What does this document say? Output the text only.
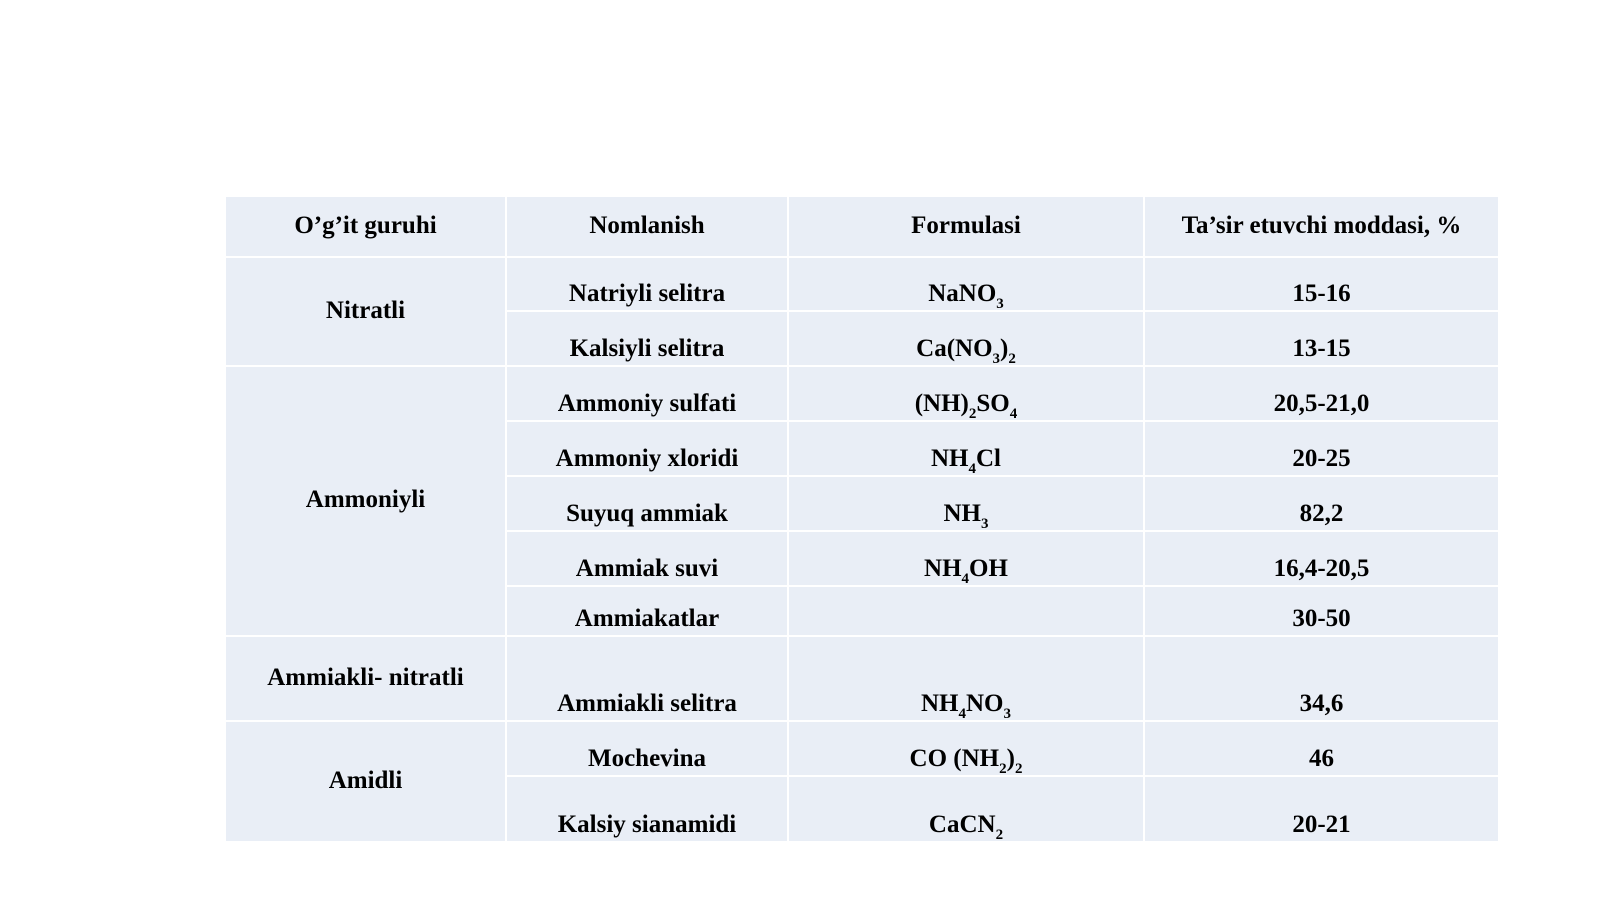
O’g’it guruhi	Nomlanish	Formulasi	Ta’sir etuvchi moddasi, %
Nitratli	Natriyli selitra	NaNO$_3$	15-16
	Kalsiyli selitra	$Ca(NO_3)_2$	13-15
Ammoniyli	Ammoniy sulfati	$(NH)_2SO_4$	20,5-21,0
	Ammoniy xloridi	$NH_4Cl$	20-25
	Suyuq ammiak	$NH_3$	82,2
	Ammiak suvi	$NH_4OH$	16,4-20,5
	Ammiakatlar		30-50
Ammiakli- nitratli	Ammiakli selitra	$NH_4NO_3$	34,6
Amidli	Mochevina	CO $(NH_2)_2$	46
	Kalsiy sianamidi	CaCN$_2$	20-21
